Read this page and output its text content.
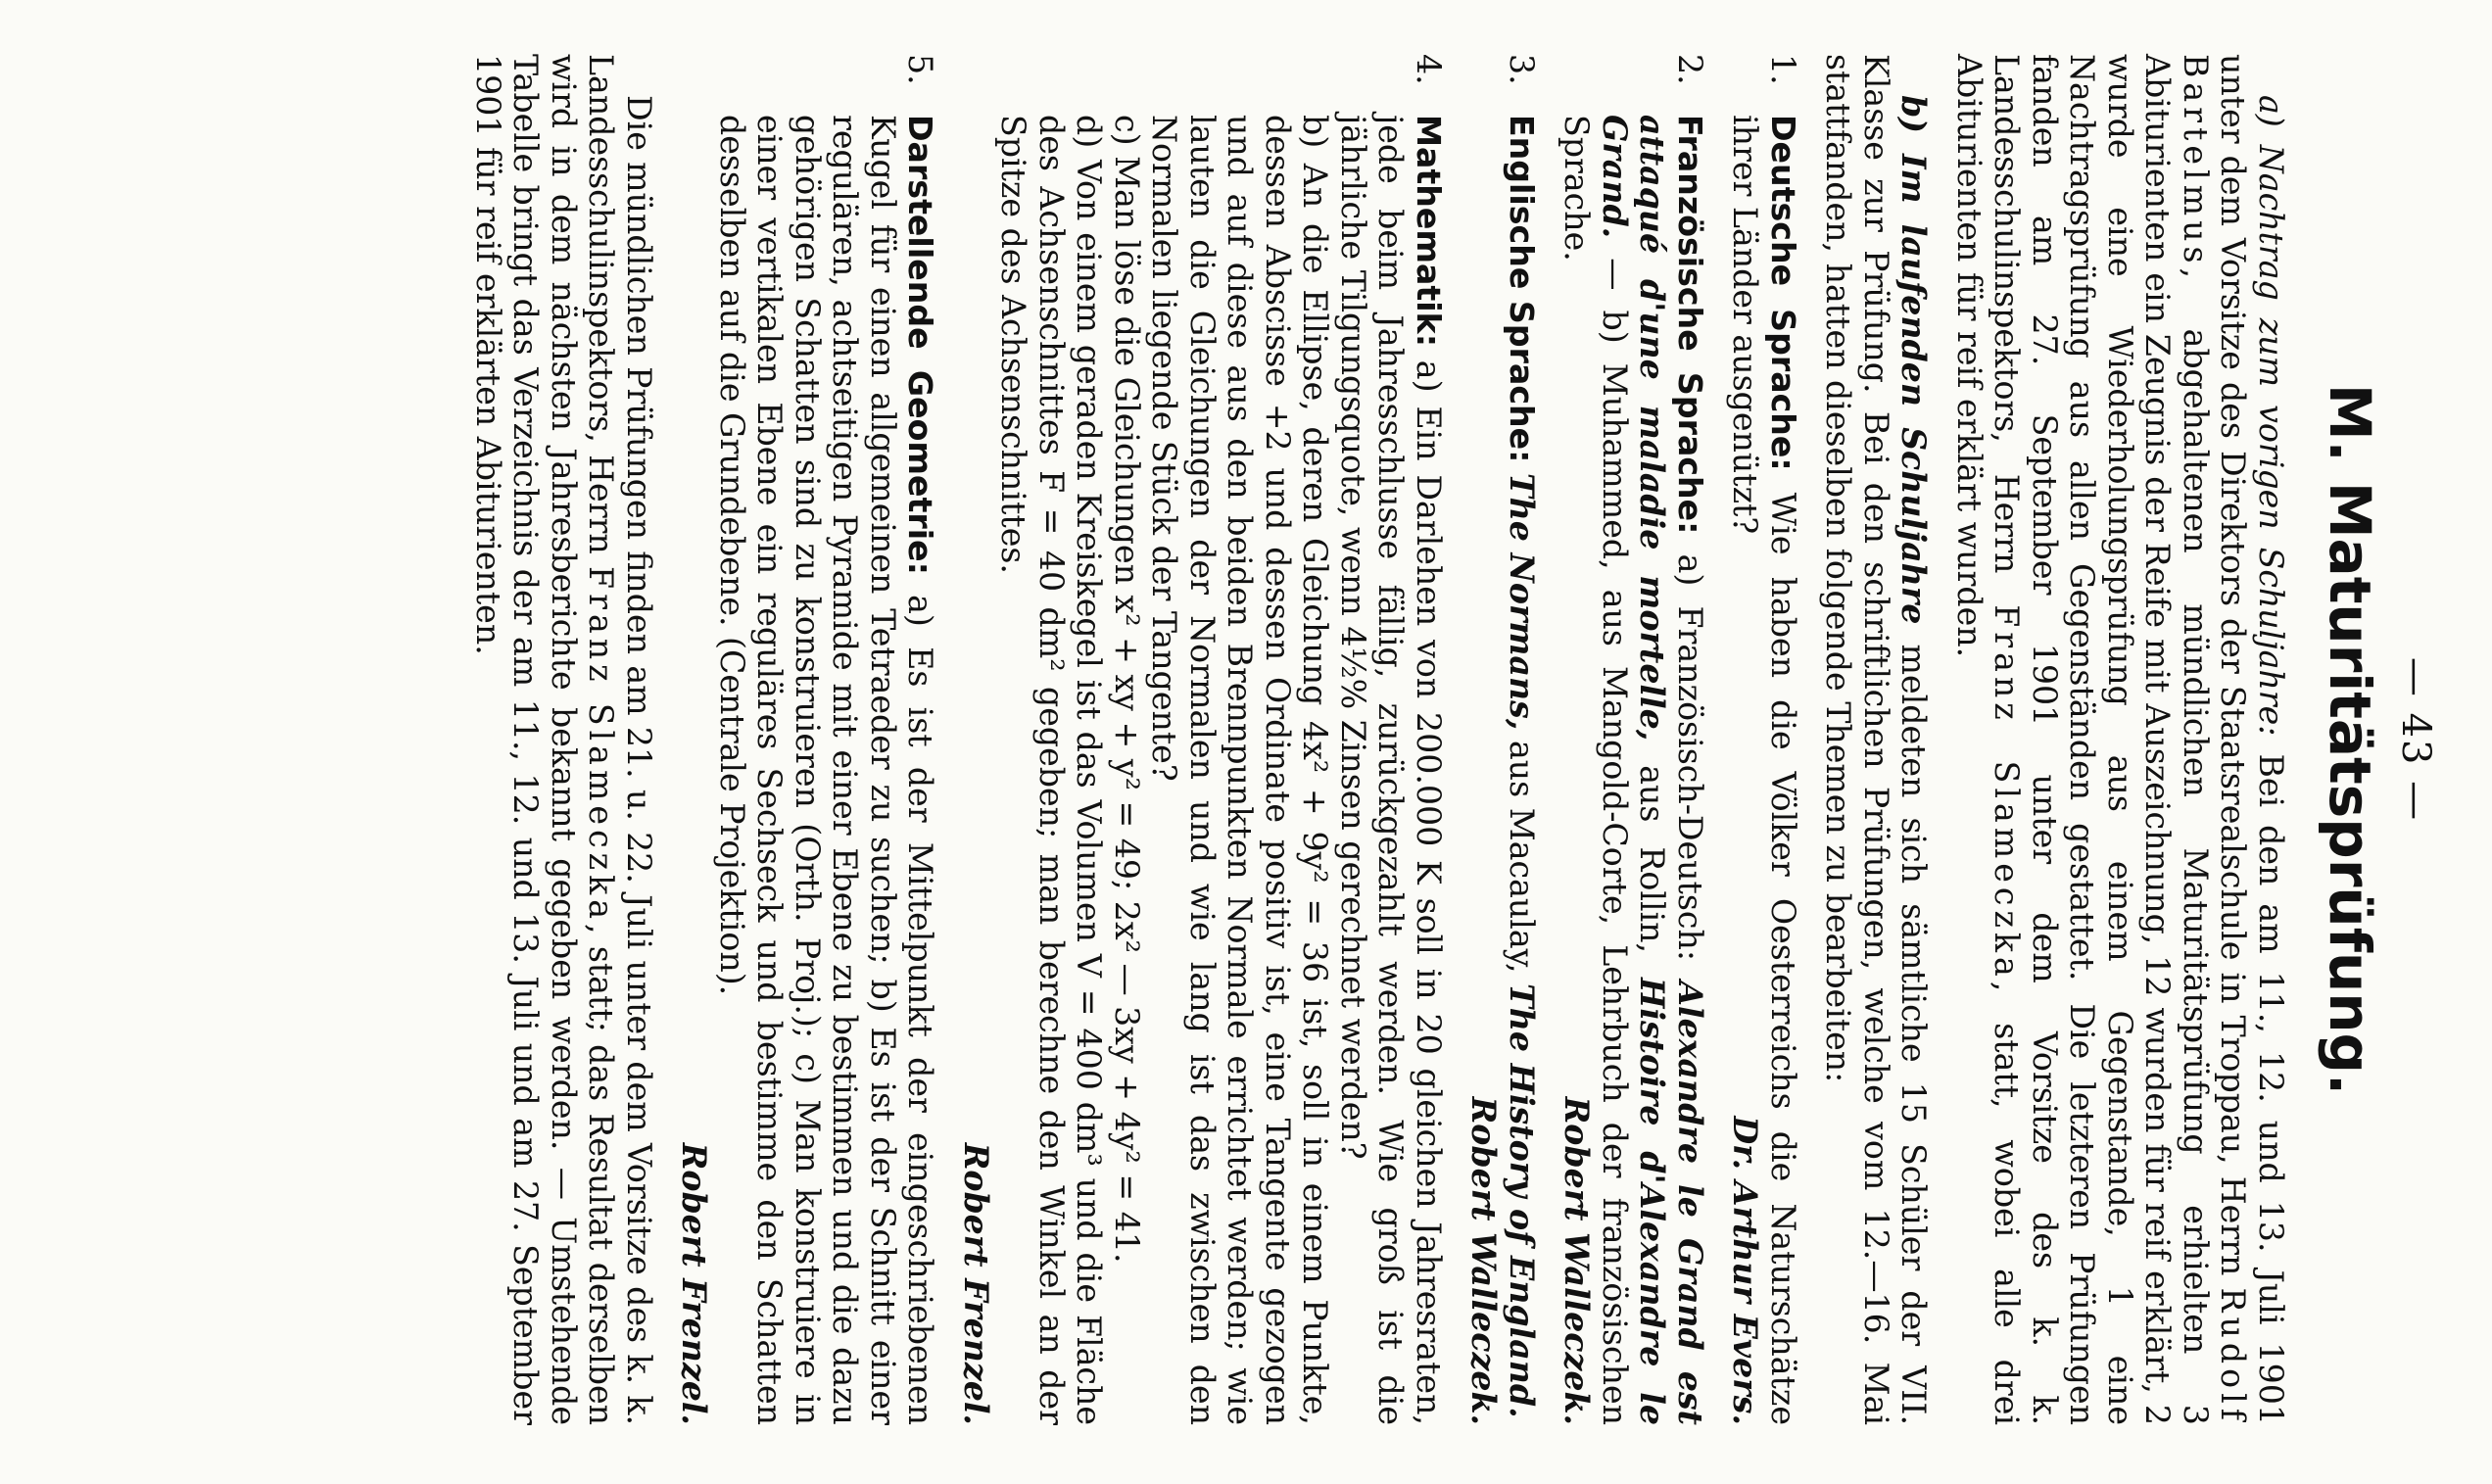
— 43 —
M. Maturitätsprüfung.

a) Nachtrag zum vorigen Schuljahre: Bei den am 11., 12. und 13. Juli 1901 unter dem Vorsitze des Direktors der Staatsrealschule in Troppau, Herrn Rudolf Bartelmus, abgehaltenen mündlichen Maturitätsprüfung erhielten 3 Abiturienten ein Zeugnis der Reife mit Auszeichnung, 12 wurden für reif erklärt, 2 wurde eine Wiederholungsprüfung aus einem Gegenstande, 1 eine Nachtragsprüfung aus allen Gegenständen gestattet. Die letzteren Prüfungen fanden am 27. September 1901 unter dem Vorsitze des k. k. Landesschulinspektors, Herrn Franz Slameczka, statt, wobei alle drei Abiturienten für reif erklärt wurden.

b) Im laufenden Schuljahre meldeten sich sämtliche 15 Schüler der VII. Klasse zur Prüfung. Bei den schriftlichen Prüfungen, welche vom 12.—16. Mai stattfanden, hatten dieselben folgende Themen zu bearbeiten:

1.
Deutsche Sprache: Wie haben die Völker Oesterreichs die Naturschätze ihrer Länder ausgenützt?
Dr. Arthur Evers.
2.
Französische Sprache: a) Französisch-Deutsch: Alexandre le Grand est attaqué d'une maladie mortelle, aus Rollin, Histoire d'Alexandre le Grand. — b) Muhammed, aus Mangold-Corte, Lehrbuch der französischen Sprache.
Robert Walleczek.
3.
Englische Sprache: The Normans, aus Macaulay, The History of England.
Robert Walleczek.
4.
Mathematik: a) Ein Darlehen von 200.000 K soll in 20 gleichen Jahresraten, jede beim Jahresschlusse fällig, zurückgezahlt werden. Wie groß ist die jährliche Tilgungsquote, wenn 4½% Zinsen gerechnet werden?
b) An die Ellipse, deren Gleichung 4x² + 9y² = 36 ist, soll in einem Punkte, dessen Abscisse +2 und dessen Ordinate positiv ist, eine Tangente gezogen und auf diese aus den beiden Brennpunkten Normale errichtet werden; wie lauten die Gleichungen der Normalen und wie lang ist das zwischen den Normalen liegende Stück der Tangente?
c) Man löse die Gleichungen x² + xy + y² = 49; 2x² — 3xy + 4y² = 41.
d) Von einem geraden Kreiskegel ist das Volumen V = 400 dm³ und die Fläche des Achsenschnittes F = 40 dm² gegeben; man berechne den Winkel an der Spitze des Achsenschnittes.
Robert Frenzel.
5.
Darstellende Geometrie: a) Es ist der Mittelpunkt der eingeschriebenen Kugel für einen allgemeinen Tetraeder zu suchen; b) Es ist der Schnitt einer regulären, achtseitigen Pyramide mit einer Ebene zu bestimmen und die dazu gehörigen Schatten sind zu konstruieren (Orth. Proj.); c) Man konstruiere in einer vertikalen Ebene ein reguläres Sechseck und bestimme den Schatten desselben auf die Grundebene. (Centrale Projektion).
Robert Frenzel.

Die mündlichen Prüfungen finden am 21. u. 22. Juli unter dem Vorsitze des k. k. Landesschulinspektors, Herrn Franz Slameczka, statt; das Resultat derselben wird in dem nächsten Jahresberichte bekannt gegeben werden. — Umstehende Tabelle bringt das Verzeichnis der am 11., 12. und 13. Juli und am 27. September 1901 für reif erklärten Abiturienten.
